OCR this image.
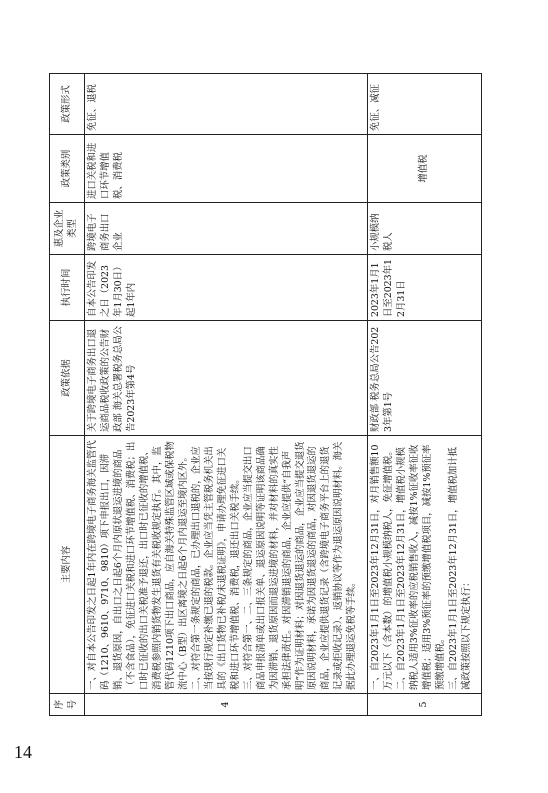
序号	主要内容	政策依据	执行时间	惠及企业类型	政策类别	政策形式
4	一、对自本公告印发之日起1年内在跨境电子商务海关监管代码（1210、9610、9710、9810）项下申报出口，因滞销、退货原因，自出口之日起6个月内原状退运进境的商品（不含食品），免征进口关税和进口环节增值税、消费税；出口时已征收的出口关税准予退还，出口时已征收的增值税、消费税参照内销货物发生退货有关税收规定执行。其中，监管代码1210项下出口商品，应自海关特殊监管区域或保税物流中心（B型）出区离境之日起6个月内退运至境内区外。 二、对符合第一条规定的商品，已办理出口退税的，企业应当按现行规定补缴已退的税款。企业应当凭主管税务机关出具的《出口货物已补税/未退税证明》，申请办理免征进口关税和进口环节增值税、消费税，退还出口关税手续。 三、对符合第一、二、三条规定的商品，企业应当提交出口商品申报清单或出口报关单、退运原因说明等证明该商品确为因滞销、退货原因而退运进境的材料，并对材料的真实性承担法律责任。对因滞销退运的商品，企业应提供“自我声明”作为证明材料；对因退货退运的商品，企业应当提交退货原因说明材料，承诺为因退货退运的商品，对因退货退运的商品，企业应提供退货记录（含跨境电子商务平台上的退货记录或拒收记录）、返销协议等作为退运原因说明材料。海关据此办理退运免税等手续。	关于跨境电子商务出口退运商品税收政策的公告财政部 海关总署税务总局公告2023年第4号	自本公告印发之日（2023年1月30日）起1年内	跨境电子商务出口企业	进口关税和进口环节增值税、消费税	免征、退税
5	一、自2023年1月1日至2023年12月31日，对月销售额10万元以下（含本数）的增值税小规模纳税人，免征增值税。 二、自2023年1月1日至2023年12月31日，增值税小规模纳税人适用3%征收率的应税销售收入，减按1%征收率征收增值税；适用3%预征率的预缴增值税项目，减按1%预征率预缴增值税。 三、自2023年1月1日至2023年12月31日，增值税加计抵减政策按照以下规定执行：	财政部 税务总局公告2023年第1号	2023年1月1日至2023年12月31日	小规模纳税人	增值税	免征、减征
14
